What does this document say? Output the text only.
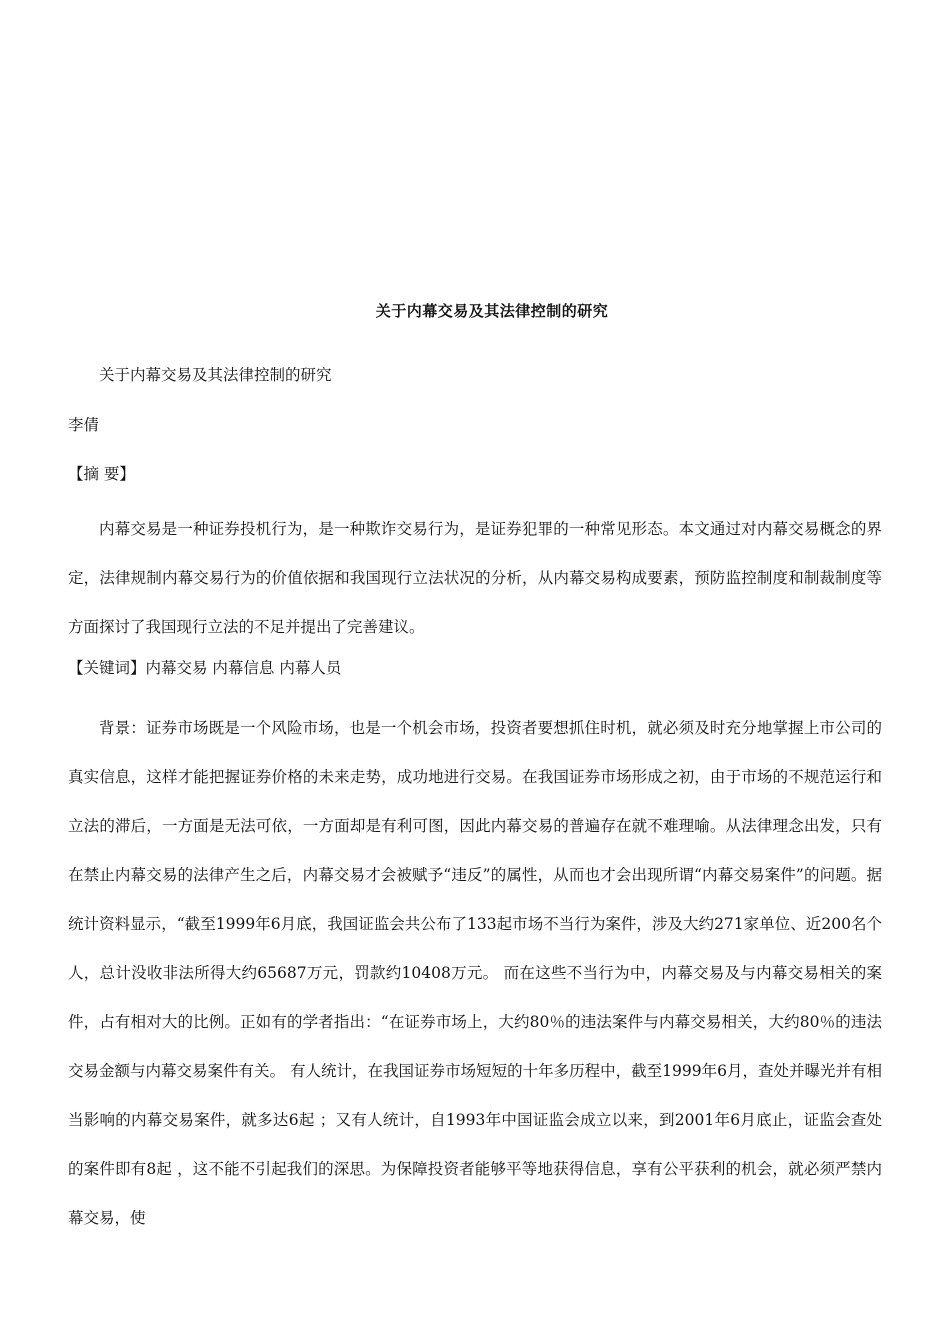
关于内幕交易及其法律控制的研究
关于内幕交易及其法律控制的研究
李倩
【摘 要】

内幕交易是一种证券投机行为，是一种欺诈交易行为，是证券犯罪的一种常见形态。本文通过对内幕交易概念的界定，法律规制内幕交易行为的价值依据和我国现行立法状况的分析，从内幕交易构成要素，预防监控制度和制裁制度等方面探讨了我国现行立法的不足并提出了完善建议。

【关键词】内幕交易 内幕信息 内幕人员

背景：证券市场既是一个风险市场，也是一个机会市场，投资者要想抓住时机，就必须及时充分地掌握上市公司的真实信息，这样才能把握证券价格的未来走势，成功地进行交易。在我国证券市场形成之初，由于市场的不规范运行和立法的滞后，一方面是无法可依，一方面却是有利可图，因此内幕交易的普遍存在就不难理喻。从法律理念出发，只有在禁止内幕交易的法律产生之后，内幕交易才会被赋予“违反”的属性，从而也才会出现所谓“内幕交易案件”的问题。据统计资料显示，“截至1999年6月底，我国证监会共公布了133起市场不当行为案件，涉及大约271家单位、近200名个人，总计没收非法所得大约65687万元，罚款约10408万元。 而在这些不当行为中，内幕交易及与内幕交易相关的案件，占有相对大的比例。正如有的学者指出：“在证券市场上，大约80％的违法案件与内幕交易相关，大约80％的违法交易金额与内幕交易案件有关。 有人统计，在我国证券市场短短的十年多历程中，截至1999年6月，查处并曝光并有相当影响的内幕交易案件，就多达6起 ；又有人统计，自1993年中国证监会成立以来，到2001年6月底止，证监会查处的案件即有8起 ，这不能不引起我们的深思。为保障投资者能够平等地获得信息，享有公平获利的机会，就必须严禁内幕交易，使
